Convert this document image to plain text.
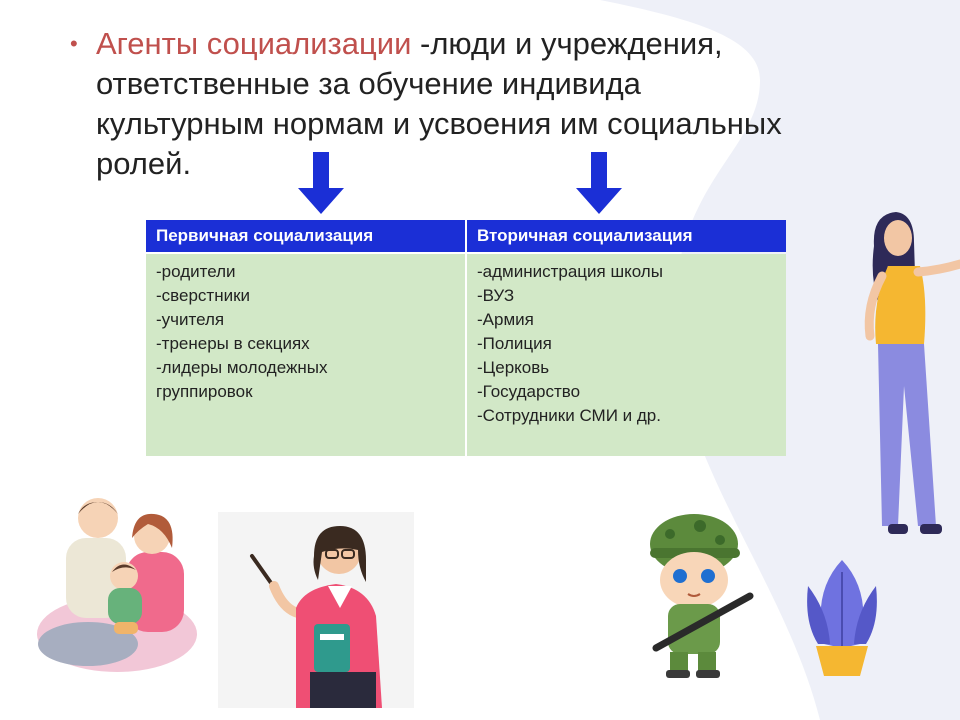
• Агенты социализации -люди и учреждения,
ответственные за обучение индивида
культурным нормам и усвоения им социальных
ролей.
Первичная социализация	Вторичная социализация
-родители
-сверстники
-учителя
-тренеры в секциях
-лидеры молодежных
группировок
-администрация школы
-ВУЗ
-Армия
-Полиция
-Церковь
-Государство
-Сотрудники СМИ и др.
